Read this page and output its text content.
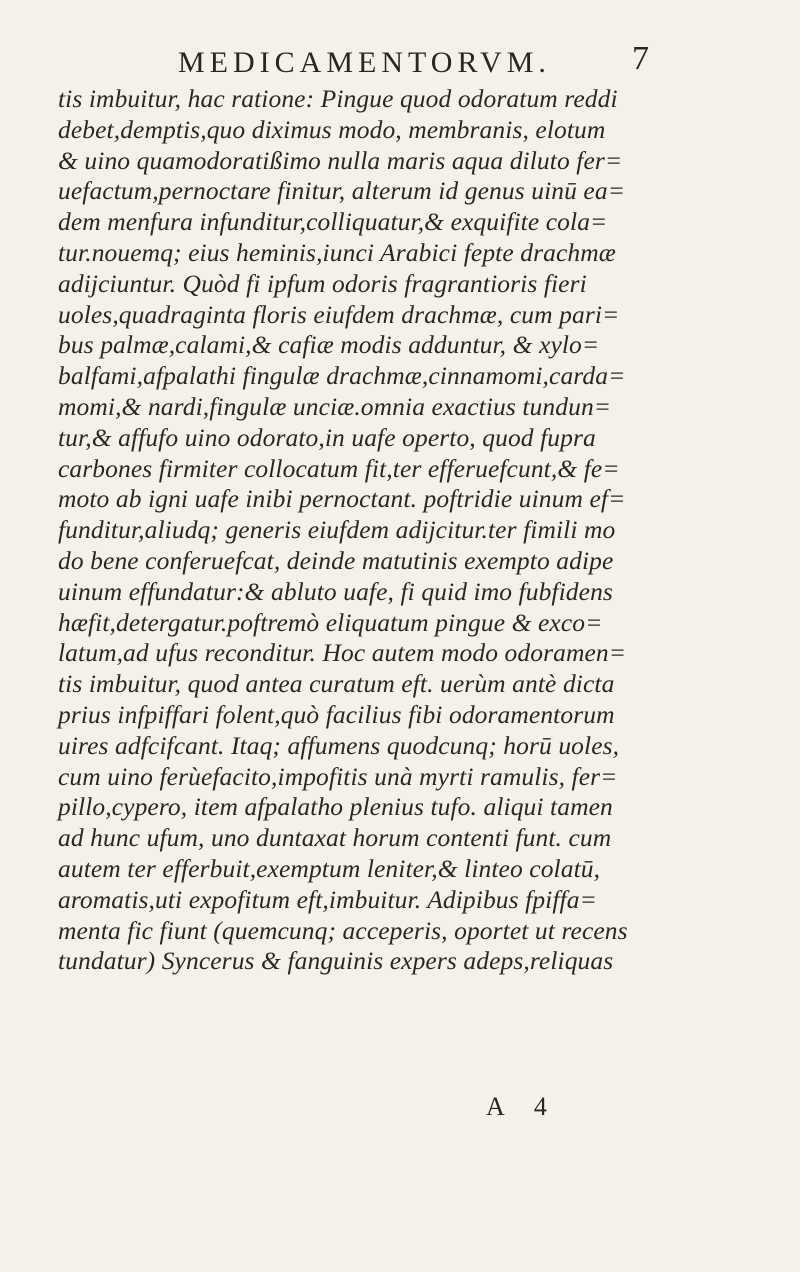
MEDICAMENTORVM. 7
tis imbuitur, hac ratione: Pingue quod odoratum reddi
debet,demptis,quo diximus modo, membranis, elotum
& uino quamodoratißimo nulla maris aqua diluto fer=
uefactum,pernoctare finitur, alterum id genus uinū ea=
dem menfura infunditur,colliquatur,& exquifite cola=
tur.nouemq; eius heminis,iunci Arabici fepte drachmæ
adijciuntur. Quòd fi ipfum odoris fragrantioris fieri
uoles,quadraginta floris eiufdem drachmæ, cum pari=
bus palmæ,calami,& cafiæ modis adduntur, & xylo=
balfami,afpalathi fingulæ drachmæ,cinnamomi,carda=
momi,& nardi,fingulæ unciæ.omnia exactius tundun=
tur,& affufo uino odorato,in uafe operto, quod fupra
carbones firmiter collocatum fit,ter efferuefcunt,& fe=
moto ab igni uafe inibi pernoctant. poftridie uinum ef=
funditur,aliudq; generis eiufdem adijcitur.ter fimili mo
do bene conferuefcat, deinde matutinis exempto adipe
uinum effundatur:& abluto uafe, fi quid imo fubfidens
hæfit,detergatur.poftremò eliquatum pingue & exco=
latum,ad ufus reconditur. Hoc autem modo odoramen=
tis imbuitur, quod antea curatum eft. uerùm antè dicta
prius infpiffari folent,quò facilius fibi odoramentorum
uires adfcifcant. Itaq; affumens quodcunq; horū uoles,
cum uino ferùefacito,impofitis unà myrti ramulis, fer=
pillo,cypero, item afpalatho plenius tufo. aliqui tamen
ad hunc ufum, uno duntaxat horum contenti funt. cum
autem ter efferbuit,exemptum leniter,& linteo colatū,
aromatis,uti expofitum eft,imbuitur. Adipibus fpiffa=
menta fic fiunt (quemcunq; acceperis, oportet ut recens
tundatur) Syncerus & fanguinis expers adeps,reliquas
A 4
